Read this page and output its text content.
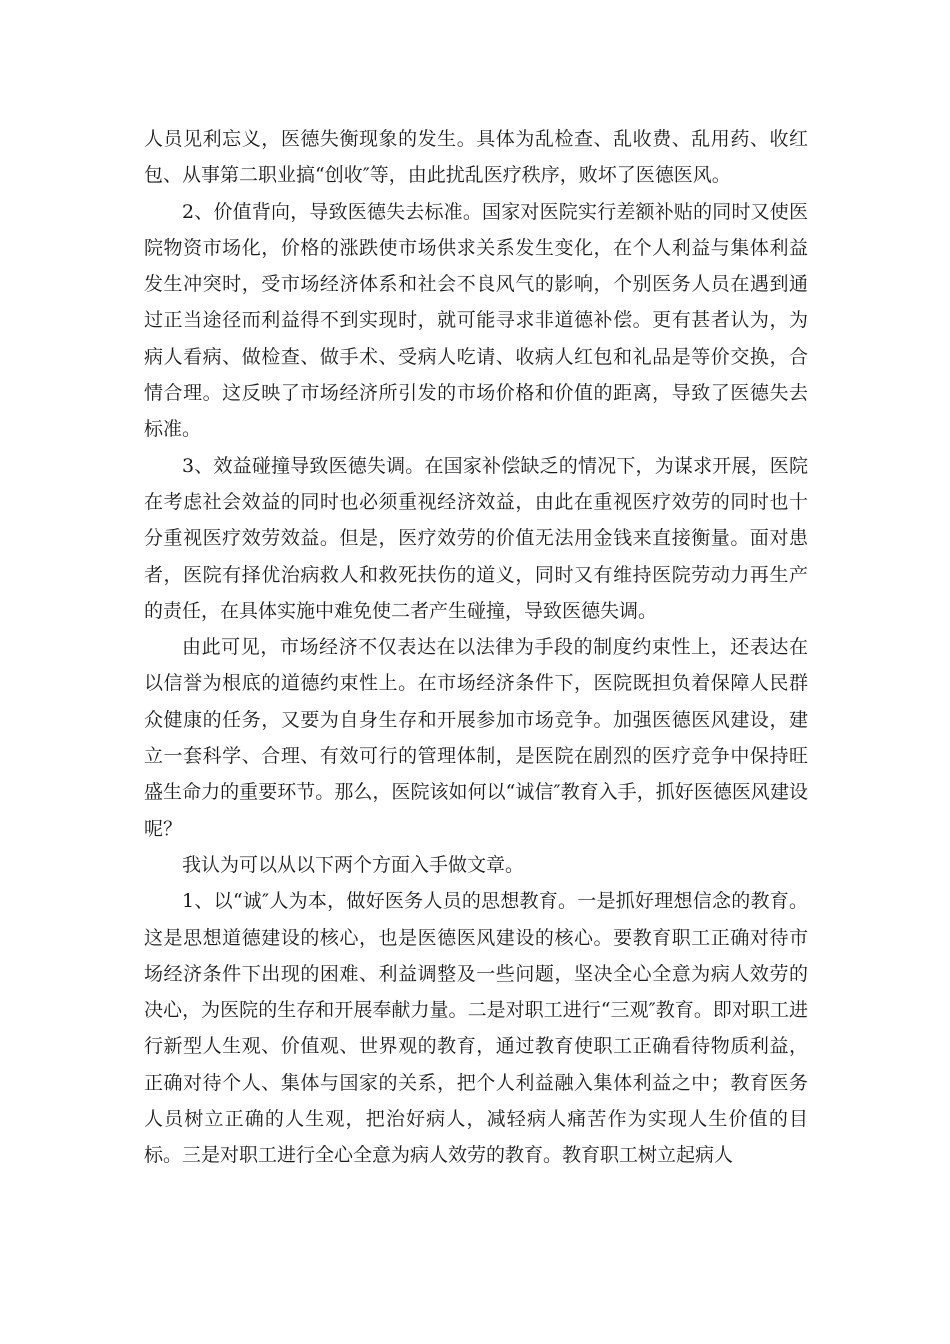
人员见利忘义，医德失衡现象的发生。具体为乱检查、乱收费、乱用药、收红包、从事第二职业搞“创收″等，由此扰乱医疗秩序，败坏了医德医风。

2、价值背向，导致医德失去标准。国家对医院实行差额补贴的同时又使医院物资市场化，价格的涨跌使市场供求关系发生变化，在个人利益与集体利益发生冲突时，受市场经济体系和社会不良风气的影响，个别医务人员在遇到通过正当途径而利益得不到实现时，就可能寻求非道德补偿。更有甚者认为，为病人看病、做检查、做手术、受病人吃请、收病人红包和礼品是等价交换，合情合理。这反映了市场经济所引发的市场价格和价值的距离，导致了医德失去标准。

3、效益碰撞导致医德失调。在国家补偿缺乏的情况下，为谋求开展，医院在考虑社会效益的同时也必须重视经济效益，由此在重视医疗效劳的同时也十分重视医疗效劳效益。但是，医疗效劳的价值无法用金钱来直接衡量。面对患者，医院有择优治病救人和救死扶伤的道义，同时又有维持医院劳动力再生产的责任，在具体实施中难免使二者产生碰撞，导致医德失调。

由此可见，市场经济不仅表达在以法律为手段的制度约束性上，还表达在以信誉为根底的道德约束性上。在市场经济条件下，医院既担负着保障人民群众健康的任务，又要为自身生存和开展参加市场竞争。加强医德医风建设，建立一套科学、合理、有效可行的管理体制，是医院在剧烈的医疗竞争中保持旺盛生命力的重要环节。那么，医院该如何以“诚信″教育入手，抓好医德医风建设呢？

我认为可以从以下两个方面入手做文章。

1、以“诚″人为本，做好医务人员的思想教育。一是抓好理想信念的教育。这是思想道德建设的核心，也是医德医风建设的核心。要教育职工正确对待市场经济条件下出现的困难、利益调整及一些问题，坚决全心全意为病人效劳的决心，为医院的生存和开展奉献力量。二是对职工进行“三观″教育。即对职工进行新型人生观、价值观、世界观的教育，通过教育使职工正确看待物质利益，正确对待个人、集体与国家的关系，把个人利益融入集体利益之中；教育医务人员树立正确的人生观，把治好病人，减轻病人痛苦作为实现人生价值的目标。三是对职工进行全心全意为病人效劳的教育。教育职工树立起病人
